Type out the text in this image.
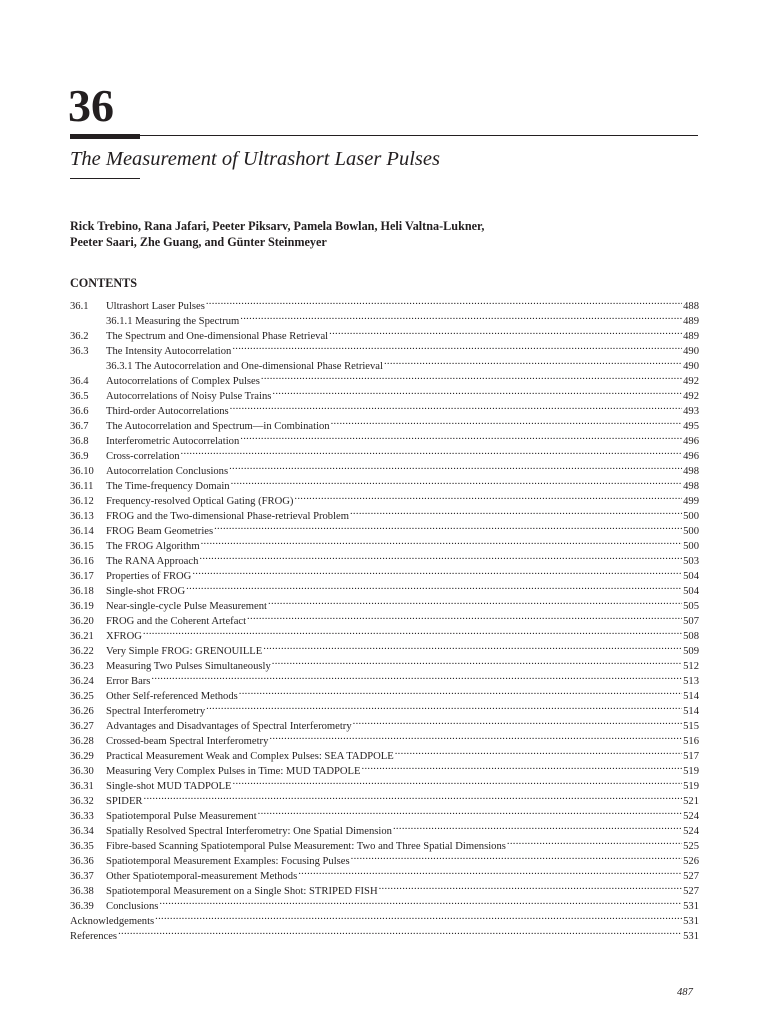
36
The Measurement of Ultrashort Laser Pulses

Rick Trebino, Rana Jafari, Peeter Piksarv, Pamela Bowlan, Heli Valtna-Lukner,
Peeter Saari, Zhe Guang, and Günter Steinmeyer

CONTENTS
36.1	Ultrashort Laser Pulses .....	488
36.1.1 Measuring the Spectrum .....	489
36.2	The Spectrum and One-dimensional Phase Retrieval .....	489
36.3	The Intensity Autocorrelation .....	490
36.3.1 The Autocorrelation and One-dimensional Phase Retrieval .....	490
36.4	Autocorrelations of Complex Pulses .....	492
36.5	Autocorrelations of Noisy Pulse Trains .....	492
36.6	Third-order Autocorrelations .....	493
36.7	The Autocorrelation and Spectrum—in Combination .....	495
36.8	Interferometric Autocorrelation .....	496
36.9	Cross-correlation .....	496
36.10	Autocorrelation Conclusions .....	498
36.11	The Time-frequency Domain .....	498
36.12	Frequency-resolved Optical Gating (FROG) .....	499
36.13	FROG and the Two-dimensional Phase-retrieval Problem .....	500
36.14	FROG Beam Geometries .....	500
36.15	The FROG Algorithm .....	500
36.16	The RANA Approach .....	503
36.17	Properties of FROG .....	504
36.18	Single-shot FROG .....	504
36.19	Near-single-cycle Pulse Measurement .....	505
36.20	FROG and the Coherent Artefact .....	507
36.21	XFROG .....	508
36.22	Very Simple FROG: GRENOUILLE .....	509
36.23	Measuring Two Pulses Simultaneously .....	512
36.24	Error Bars .....	513
36.25	Other Self-referenced Methods .....	514
36.26	Spectral Interferometry .....	514
36.27	Advantages and Disadvantages of Spectral Interferometry .....	515
36.28	Crossed-beam Spectral Interferometry .....	516
36.29	Practical Measurement Weak and Complex Pulses: SEA TADPOLE .....	517
36.30	Measuring Very Complex Pulses in Time: MUD TADPOLE .....	519
36.31	Single-shot MUD TADPOLE .....	519
36.32	SPIDER .....	521
36.33	Spatiotemporal Pulse Measurement .....	524
36.34	Spatially Resolved Spectral Interferometry: One Spatial Dimension .....	524
36.35	Fibre-based Scanning Spatiotemporal Pulse Measurement: Two and Three Spatial Dimensions .....	525
36.36	Spatiotemporal Measurement Examples: Focusing Pulses .....	526
36.37	Other Spatiotemporal-measurement Methods .....	527
36.38	Spatiotemporal Measurement on a Single Shot: STRIPED FISH .....	527
36.39	Conclusions .....	531
Acknowledgements .....	531
References .....	531

487
